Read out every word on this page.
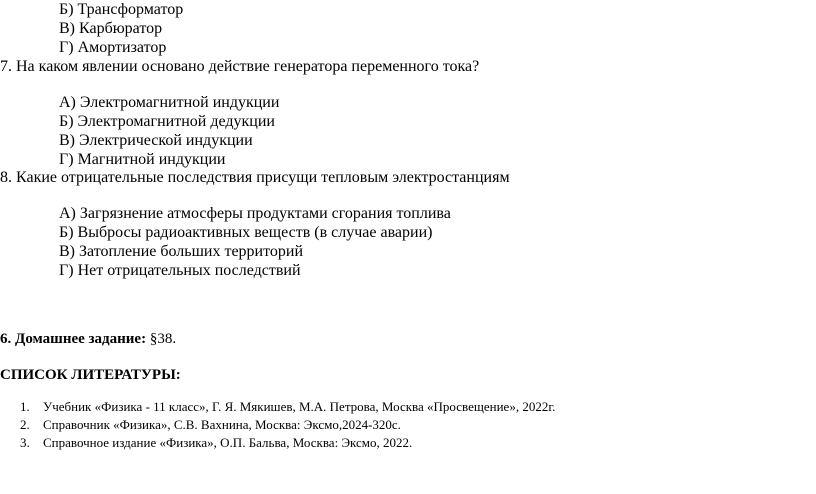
Б) Трансформатор
В) Карбюратор
Г) Амортизатор
7. На каком явлении основано действие генератора переменного тока?
А) Электромагнитной индукции
Б) Электромагнитной дедукции
В) Электрической индукции
Г) Магнитной индукции
8. Какие отрицательные последствия присущи тепловым электростанциям
А) Загрязнение атмосферы продуктами сгорания топлива
Б) Выбросы радиоактивных веществ (в случае аварии)
В) Затопление больших территорий
Г) Нет отрицательных последствий
6. Домашнее задание: §38.
СПИСОК ЛИТЕРАТУРЫ:
1. Учебник «Физика - 11 класс», Г. Я. Мякишев, М.А. Петрова, Москва «Просвещение», 2022г.
2. Справочник «Физика», С.В. Вахнина, Москва: Эксмо,2024-320с.
3. Справочное издание «Физика», О.П. Бальва, Москва: Эксмо, 2022.
